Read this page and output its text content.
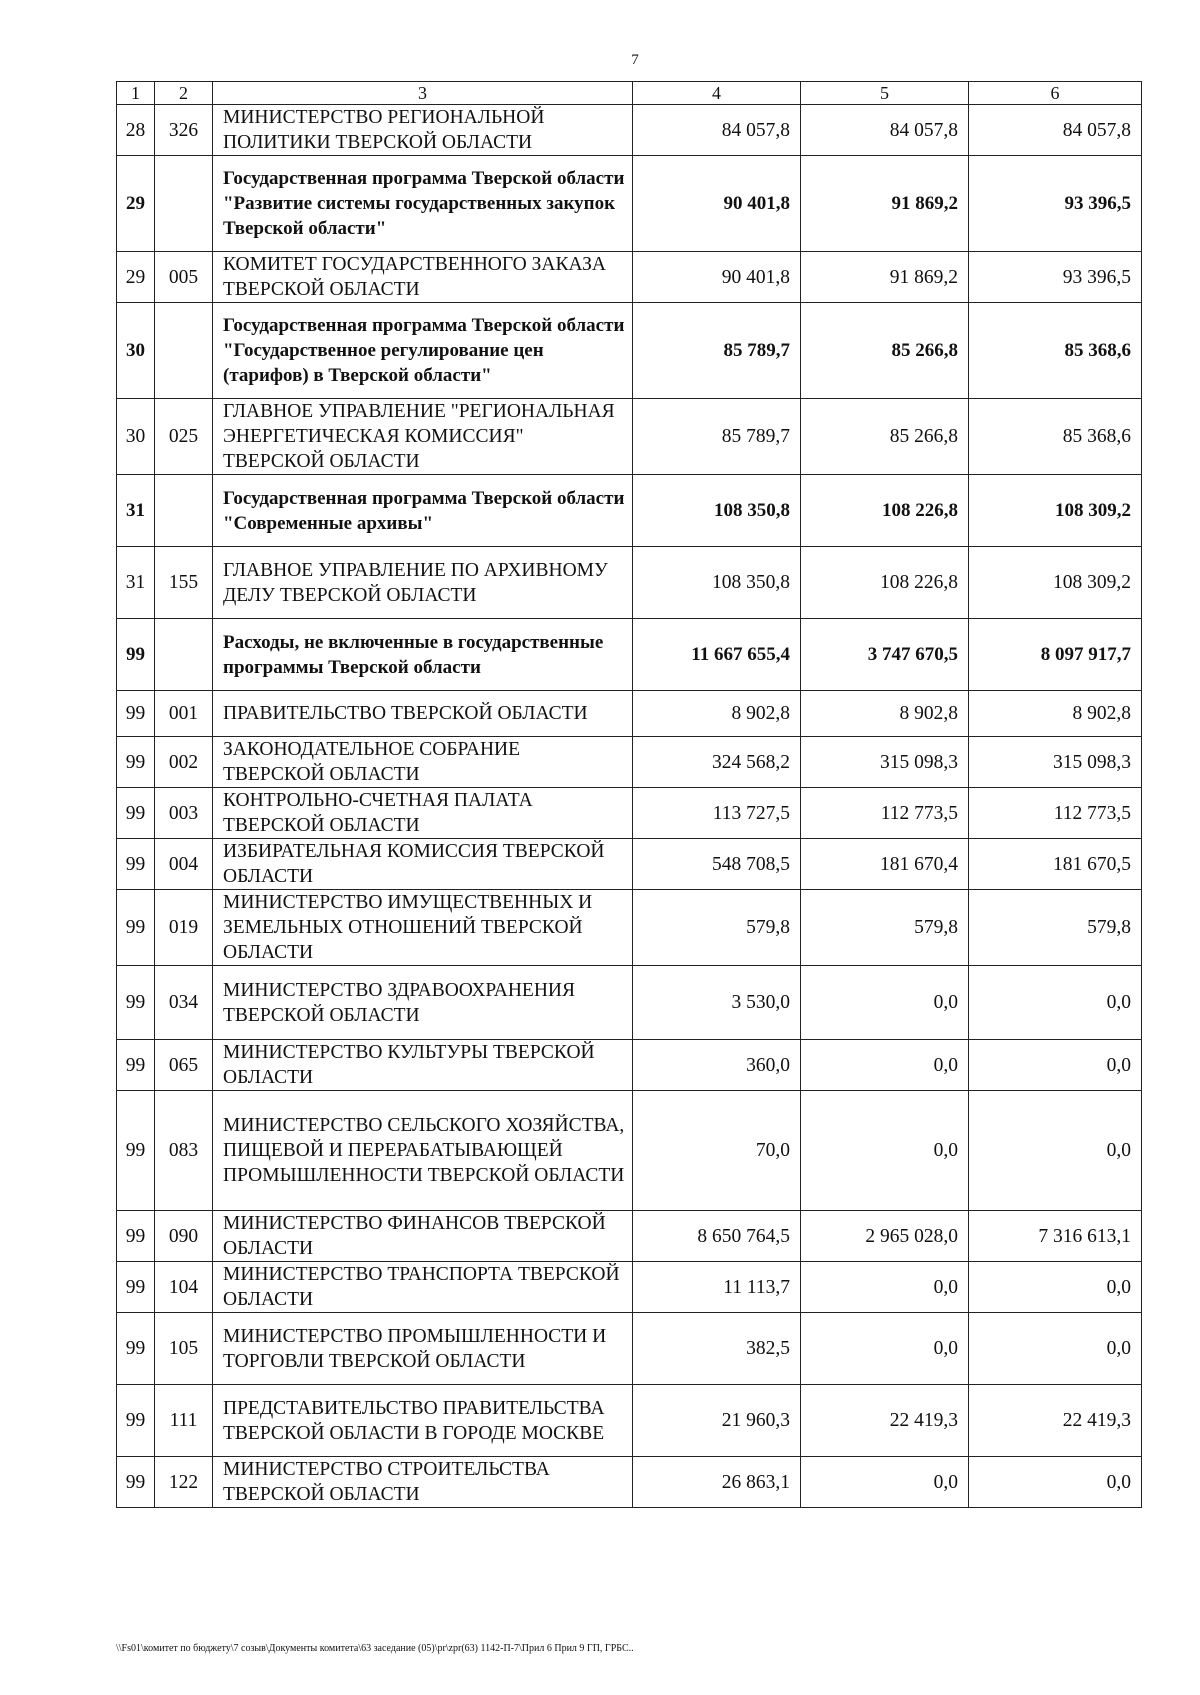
7
1	2	3	4	5	6
28	326	МИНИСТЕРСТВО РЕГИОНАЛЬНОЙ ПОЛИТИКИ ТВЕРСКОЙ ОБЛАСТИ	84 057,8	84 057,8	84 057,8
29		Государственная программа Тверской области "Развитие системы государственных закупок Тверской области"	90 401,8	91 869,2	93 396,5
29	005	КОМИТЕТ ГОСУДАРСТВЕННОГО ЗАКАЗА ТВЕРСКОЙ ОБЛАСТИ	90 401,8	91 869,2	93 396,5
30		Государственная программа Тверской области "Государственное регулирование цен (тарифов) в Тверской области"	85 789,7	85 266,8	85 368,6
30	025	ГЛАВНОЕ УПРАВЛЕНИЕ "РЕГИОНАЛЬНАЯ ЭНЕРГЕТИЧЕСКАЯ КОМИССИЯ" ТВЕРСКОЙ ОБЛАСТИ	85 789,7	85 266,8	85 368,6
31		Государственная программа Тверской области "Современные архивы"	108 350,8	108 226,8	108 309,2
31	155	ГЛАВНОЕ УПРАВЛЕНИЕ ПО АРХИВНОМУ ДЕЛУ ТВЕРСКОЙ ОБЛАСТИ	108 350,8	108 226,8	108 309,2
99		Расходы, не включенные в государственные программы Тверской области	11 667 655,4	3 747 670,5	8 097 917,7
99	001	ПРАВИТЕЛЬСТВО ТВЕРСКОЙ ОБЛАСТИ	8 902,8	8 902,8	8 902,8
99	002	ЗАКОНОДАТЕЛЬНОЕ СОБРАНИЕ ТВЕРСКОЙ ОБЛАСТИ	324 568,2	315 098,3	315 098,3
99	003	КОНТРОЛЬНО-СЧЕТНАЯ ПАЛАТА ТВЕРСКОЙ ОБЛАСТИ	113 727,5	112 773,5	112 773,5
99	004	ИЗБИРАТЕЛЬНАЯ КОМИССИЯ ТВЕРСКОЙ ОБЛАСТИ	548 708,5	181 670,4	181 670,5
99	019	МИНИСТЕРСТВО ИМУЩЕСТВЕННЫХ И ЗЕМЕЛЬНЫХ ОТНОШЕНИЙ ТВЕРСКОЙ ОБЛАСТИ	579,8	579,8	579,8
99	034	МИНИСТЕРСТВО ЗДРАВООХРАНЕНИЯ ТВЕРСКОЙ ОБЛАСТИ	3 530,0	0,0	0,0
99	065	МИНИСТЕРСТВО КУЛЬТУРЫ ТВЕРСКОЙ ОБЛАСТИ	360,0	0,0	0,0
99	083	МИНИСТЕРСТВО СЕЛЬСКОГО ХОЗЯЙСТВА, ПИЩЕВОЙ И ПЕРЕРАБАТЫВАЮЩЕЙ ПРОМЫШЛЕННОСТИ ТВЕРСКОЙ ОБЛАСТИ	70,0	0,0	0,0
99	090	МИНИСТЕРСТВО ФИНАНСОВ ТВЕРСКОЙ ОБЛАСТИ	8 650 764,5	2 965 028,0	7 316 613,1
99	104	МИНИСТЕРСТВО ТРАНСПОРТА ТВЕРСКОЙ ОБЛАСТИ	11 113,7	0,0	0,0
99	105	МИНИСТЕРСТВО ПРОМЫШЛЕННОСТИ И ТОРГОВЛИ ТВЕРСКОЙ ОБЛАСТИ	382,5	0,0	0,0
99	111	ПРЕДСТАВИТЕЛЬСТВО ПРАВИТЕЛЬСТВА ТВЕРСКОЙ ОБЛАСТИ В ГОРОДЕ МОСКВЕ	21 960,3	22 419,3	22 419,3
99	122	МИНИСТЕРСТВО СТРОИТЕЛЬСТВА ТВЕРСКОЙ ОБЛАСТИ	26 863,1	0,0	0,0
\\Fs01\комитет по бюджету\7 созыв\Документы комитета\63 заседание (05)\pr\zpr(63) 1142-П-7\Прил 6 Прил 9 ГП, ГРБС..
